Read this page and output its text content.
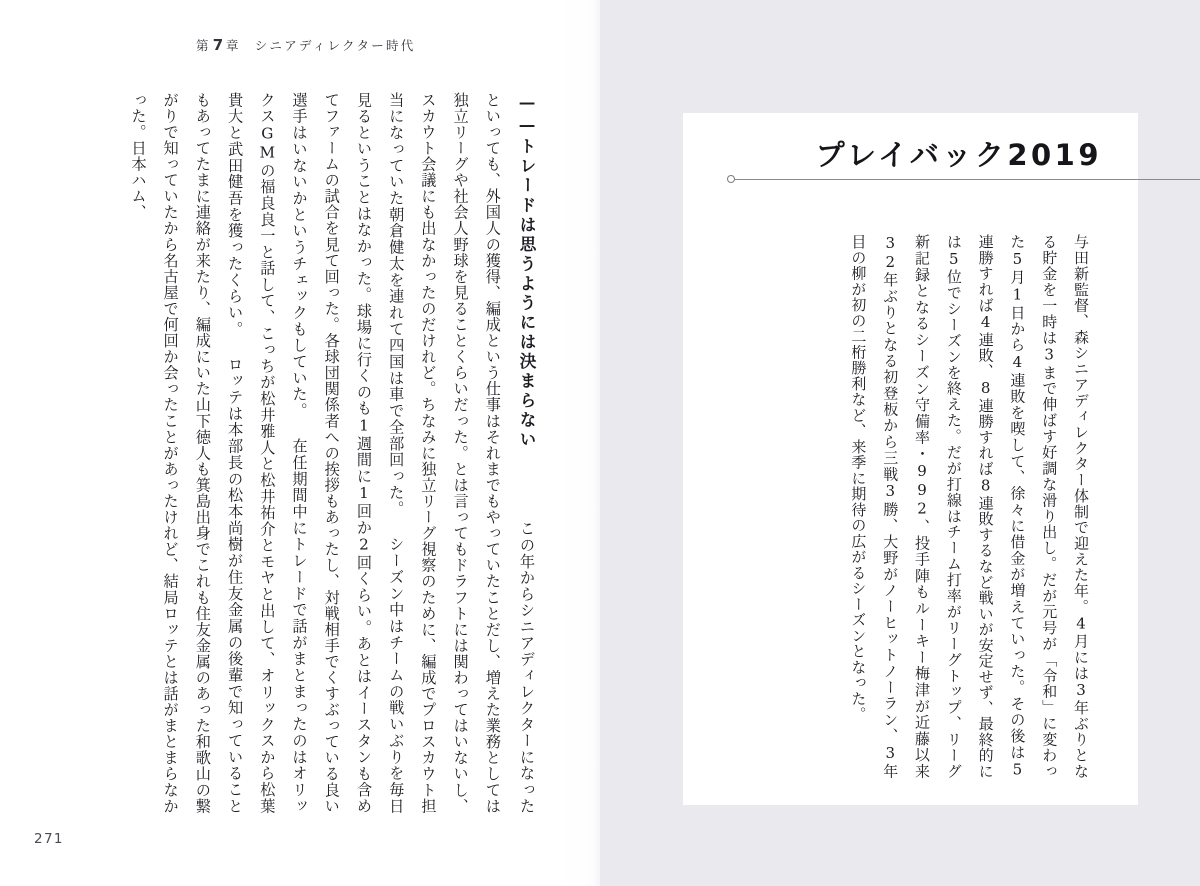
第 7 章 シニアディレクター時代
——トレードは思うようには決まらない 　　 この年からシニアディレクターになったといっても、外国人の獲得、編成という仕事はそれまでもやっていたことだし、増えた業務としては独立リーグや社会人野球を見ることくらいだった。とは言ってもドラフトには関わってはいないし、スカウト会議にも出なかったのだけれど。ちなみに独立リーグ視察のために、編成でプロスカウト担当になっていた朝倉健太を連れて四国は車で全部回った。 シーズン中はチームの戦いぶりを毎日見るということはなかった。球場に行くのも1週間に1回か2回くらい。あとはイースタンも含めてファームの試合を見て回った。各球団関係者への挨拶もあったし、対戦相手でくすぶっている良い選手はいないかというチェックもしていた。 在任期間中にトレードで話がまとまったのはオリックスGMの福良良一と話して、こっちが松井雅人と松井祐介とモヤと出して、オリックスから松葉貴大と武田健吾を獲ったくらい。 ロッテは本部長の松本尚樹が住友金属の後輩で知っていることもあってたまに連絡が来たり、編成にいた山下徳人も箕島出身でこれも住友金属のあった和歌山の繋がりで知っていたから名古屋で何回か会ったことがあったけれど、結局ロッテとは話がまとまらなかった。日本ハム、
271
プレイバック2019
与田新監督、森シニアディレクター体制で迎えた年。4月には3年ぶりとなる貯金を一時は3まで伸ばす好調な滑り出し。だが元号が「令和」に変わった5月1日から4連敗を喫して、徐々に借金が増えていった。その後は5連勝すれば4連敗、8連勝すれば8連敗するなど戦いが安定せず、最終的には5位でシーズンを終えた。だが打線はチーム打率がリーグトップ、リーグ新記録となるシーズン守備率・992、投手陣もルーキー梅津が近藤以来32年ぶりとなる初登板から三戦3勝、大野がノーヒットノーラン、3年目の柳が初の二桁勝利など、来季に期待の広がるシーズンとなった。
